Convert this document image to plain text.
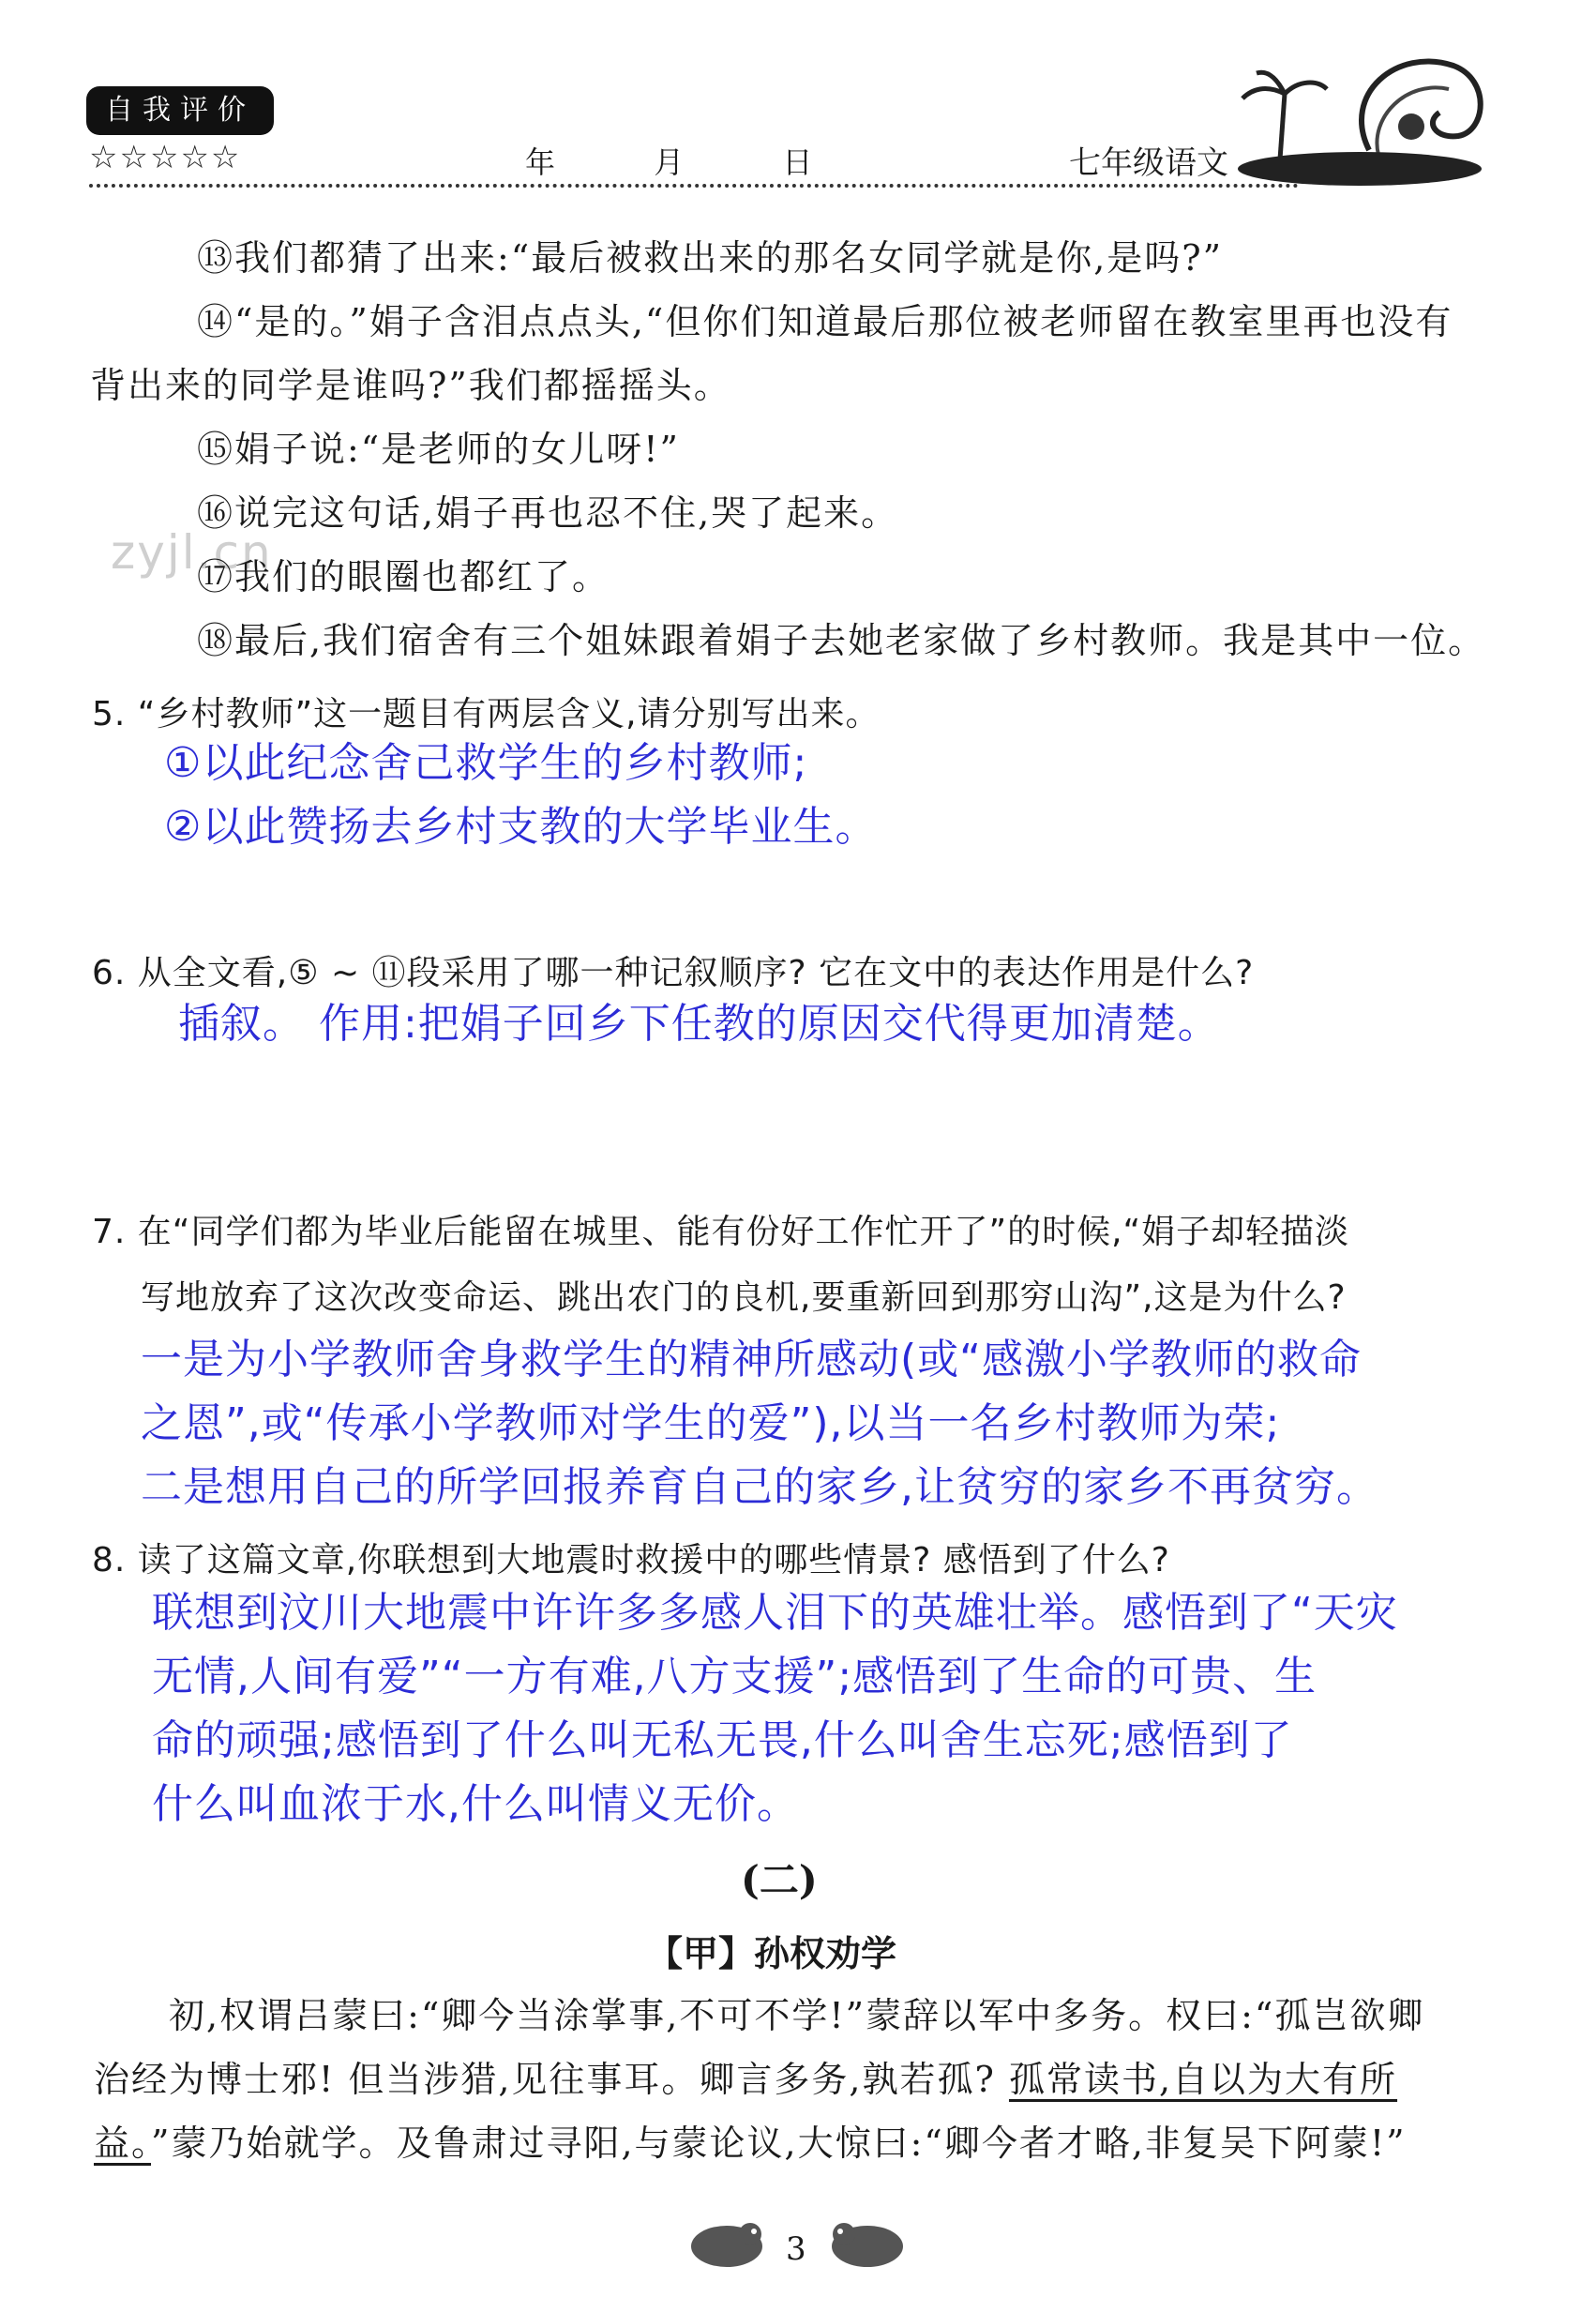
自我评价
☆☆☆☆☆	年	月	日	七年级语文
zyjl.cn
⑬我们都猜了出来:“最后被救出来的那名女同学就是你,是吗?”
⑭“是的。”娟子含泪点点头,“但你们知道最后那位被老师留在教室里再也没有
背出来的同学是谁吗?”我们都摇摇头。
⑮娟子说:“是老师的女儿呀!”
⑯说完这句话,娟子再也忍不住,哭了起来。
⑰我们的眼圈也都红了。
⑱最后,我们宿舍有三个姐妹跟着娟子去她老家做了乡村教师。我是其中一位。
5. “乡村教师”这一题目有两层含义,请分别写出来。
①以此纪念舍己救学生的乡村教师;
②以此赞扬去乡村支教的大学毕业生。
6. 从全文看,⑤ ~ ⑪段采用了哪一种记叙顺序? 它在文中的表达作用是什么?
插叙。 作用:把娟子回乡下任教的原因交代得更加清楚。
7. 在“同学们都为毕业后能留在城里、能有份好工作忙开了”的时候,“娟子却轻描淡
写地放弃了这次改变命运、跳出农门的良机,要重新回到那穷山沟”,这是为什么?
一是为小学教师舍身救学生的精神所感动(或“感激小学教师的救命
之恩”,或“传承小学教师对学生的爱”),以当一名乡村教师为荣;
二是想用自己的所学回报养育自己的家乡,让贫穷的家乡不再贫穷。
8. 读了这篇文章,你联想到大地震时救援中的哪些情景? 感悟到了什么?
联想到汶川大地震中许许多多感人泪下的英雄壮举。感悟到了“天灾
无情,人间有爱”“一方有难,八方支援”;感悟到了生命的可贵、生
命的顽强;感悟到了什么叫无私无畏,什么叫舍生忘死;感悟到了
什么叫血浓于水,什么叫情义无价。
(二)
【甲】孙权劝学
初,权谓吕蒙曰:“卿今当涂掌事,不可不学!”蒙辞以军中多务。权曰:“孤岂欲卿
治经为博士邪! 但当涉猎,见往事耳。卿言多务,孰若孤? 孤常读书,自以为大有所
益。”蒙乃始就学。及鲁肃过寻阳,与蒙论议,大惊曰:“卿今者才略,非复吴下阿蒙!”
3
